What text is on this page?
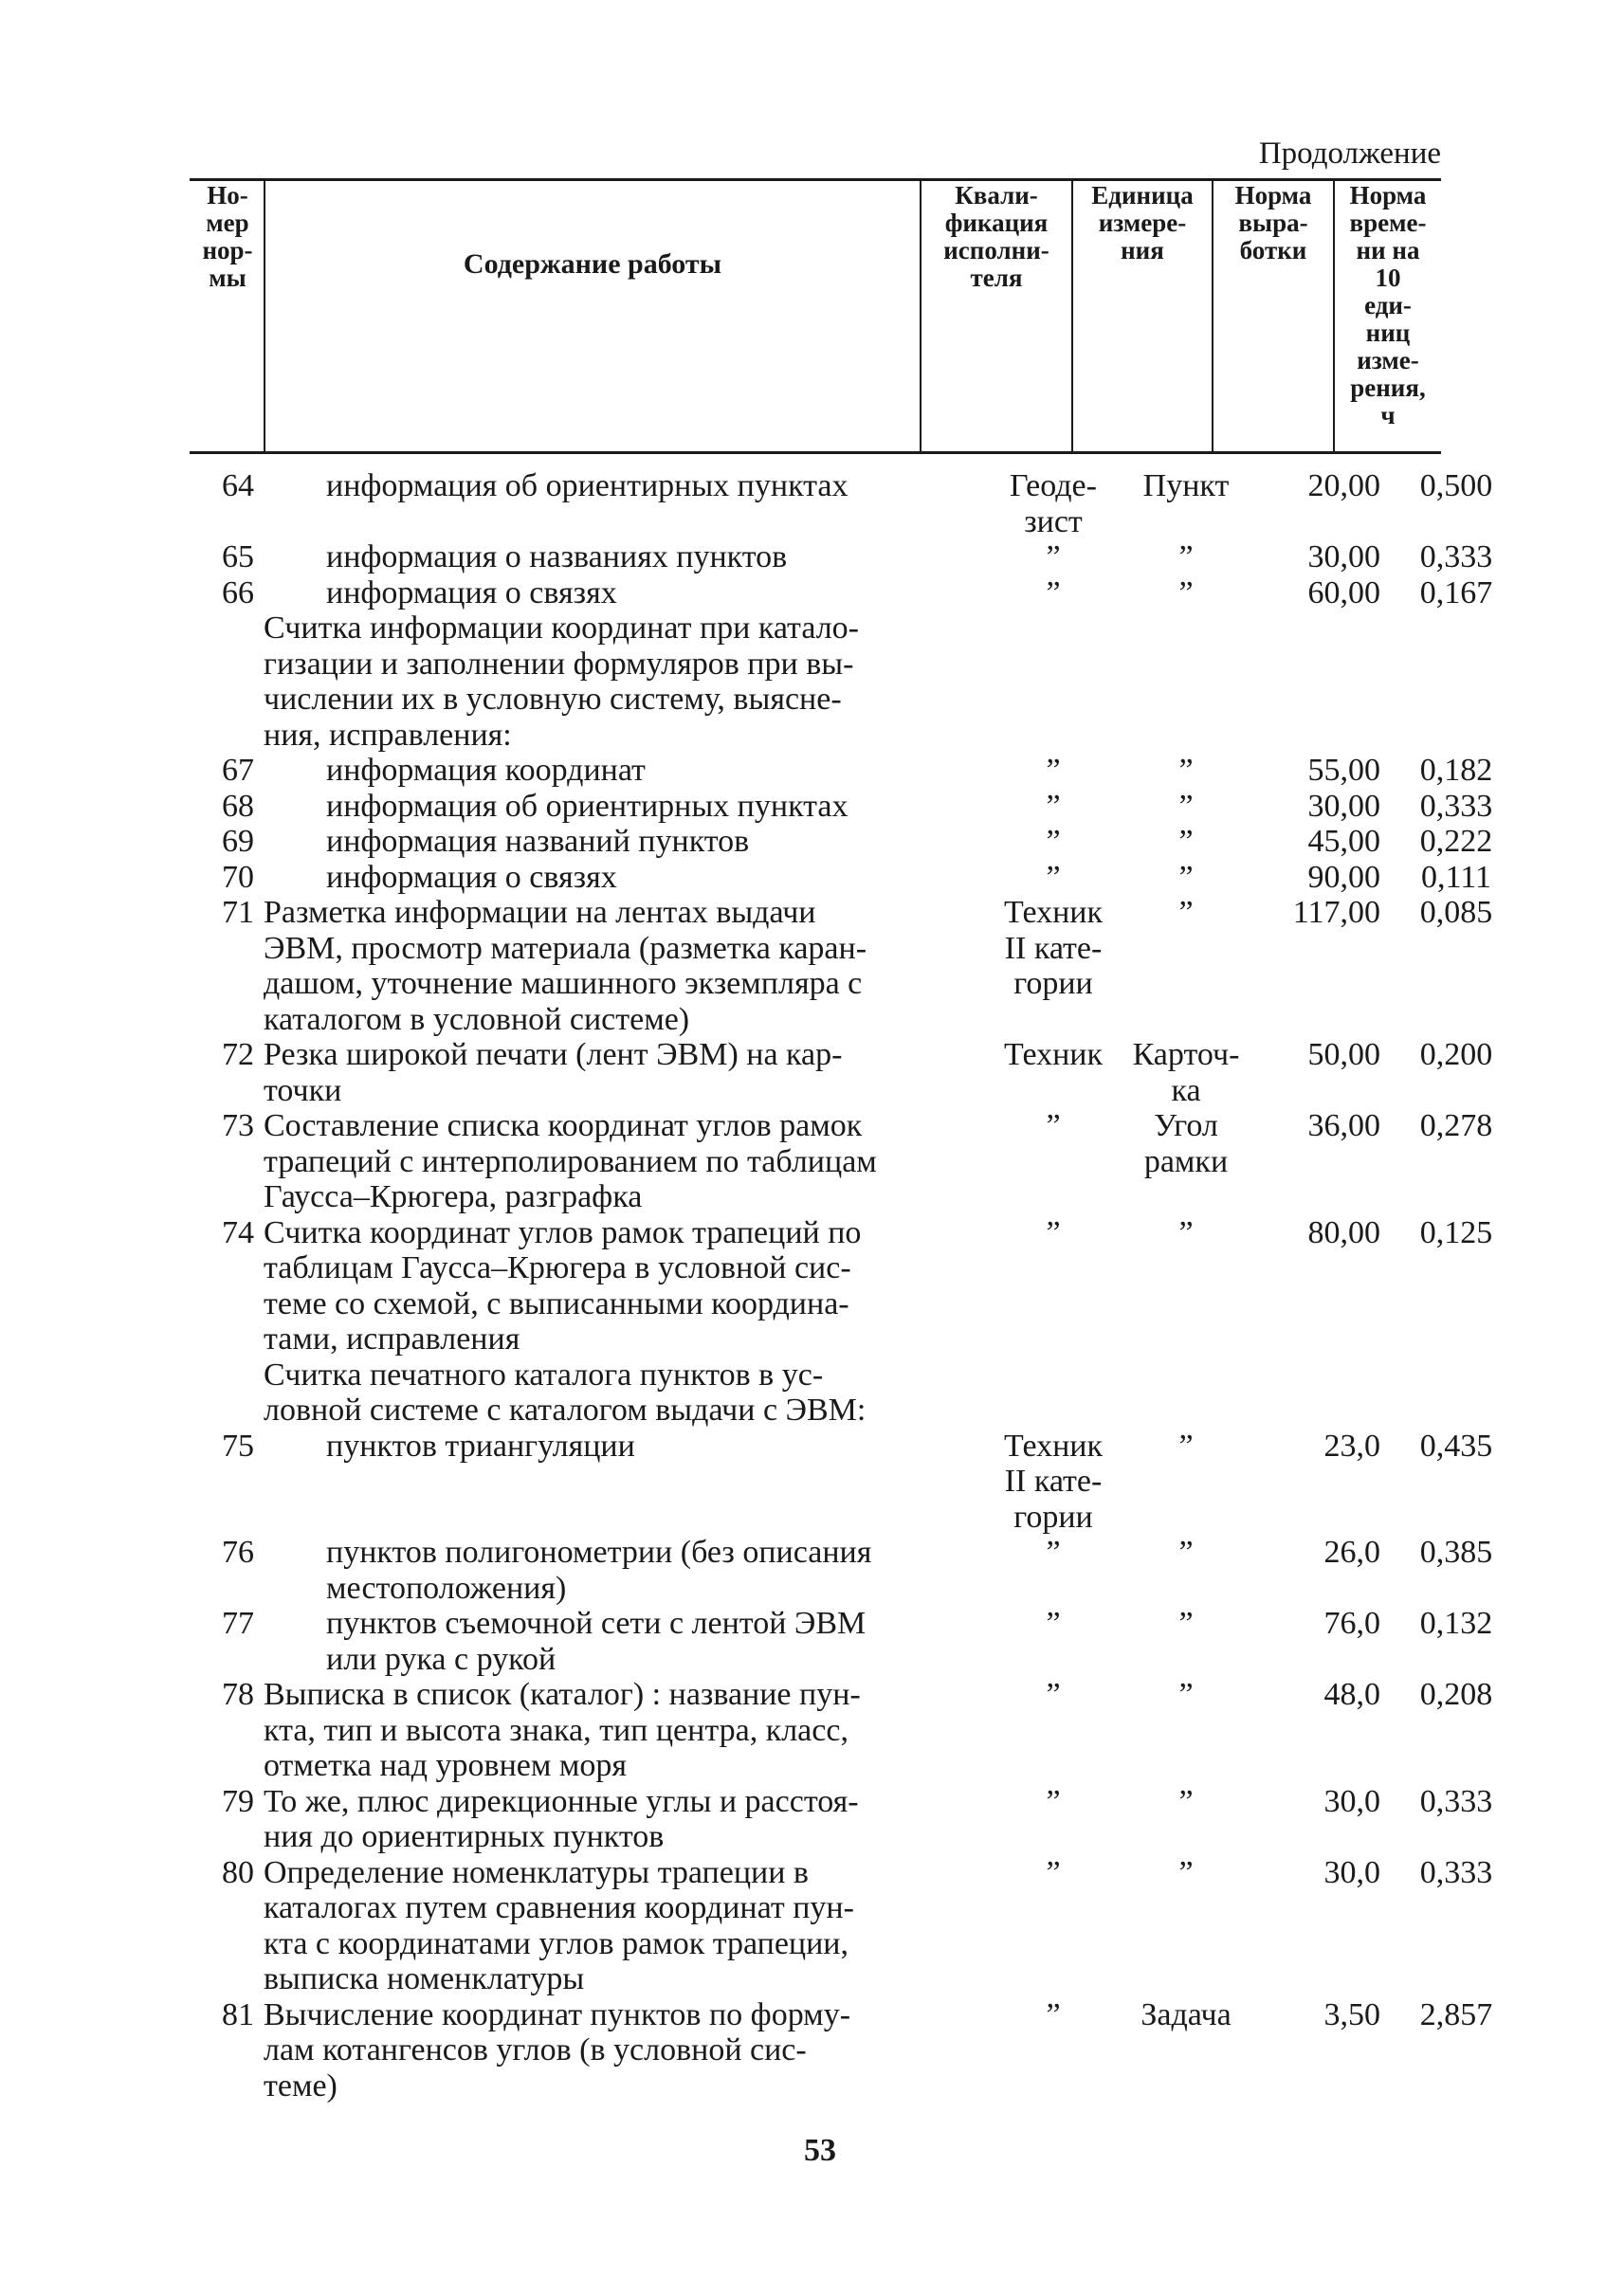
Продолжение
Но-
мер
нор-
мы	Содержание работы
Квали-
фикация
исполни-
теля
Единица
измере-
ния
Норма
выра-
ботки
Норма
време-
ни на
10
еди-
ниц
изме-
рения,
ч
64	информация об ориентирных пунктах	Геоде-
зист	Пункт	20,00	0,500
65	информация о названиях пунктов	”	”	30,00	0,333
66	информация о связях	”	”	60,00	0,167
	Считка информации координат при катало-
гизации и заполнении формуляров при вы-
числении их в условную систему, выясне-
ния, исправления:				
67	информация координат	”	”	55,00	0,182
68	информация об ориентирных пунктах	”	”	30,00	0,333
69	информация названий пунктов	”	”	45,00	0,222
70	информация о связях	”	”	90,00	0,111
71	Разметка информации на лентах выдачи
ЭВМ, просмотр материала (разметка каран-
дашом, уточнение машинного экземпляра с
каталогом в условной системе)	Техник
II кате-
гории	”	117,00	0,085
72	Резка широкой печати (лент ЭВМ) на кар-
точки	Техник	Карточ-
ка	50,00	0,200
73	Составление списка координат углов рамок
трапеций с интерполированием по таблицам
Гаусса–Крюгера, разграфка	”	Угол
рамки	36,00	0,278
74	Считка координат углов рамок трапеций по
таблицам Гаусса–Крюгера в условной сис-
теме со схемой, с выписанными координа-
тами, исправления	”	”	80,00	0,125
	Считка печатного каталога пунктов в ус-
ловной системе с каталогом выдачи с ЭВМ:				
75	пунктов триангуляции	Техник
II кате-
гории	”	23,0	0,435
76	пунктов полигонометрии (без описания
местоположения)	”	”	26,0	0,385
77	пунктов съемочной сети с лентой ЭВМ
или рука с рукой	”	”	76,0	0,132
78	Выписка в список (каталог) : название пун-
кта, тип и высота знака, тип центра, класс,
отметка над уровнем моря	”	”	48,0	0,208
79	То же, плюс дирекционные углы и расстоя-
ния до ориентирных пунктов	”	”	30,0	0,333
80	Определение номенклатуры трапеции в
каталогах путем сравнения координат пун-
кта с координатами углов рамок трапеции,
выписка номенклатуры	”	”	30,0	0,333
81	Вычисление координат пунктов по форму-
лам котангенсов углов (в условной сис-
теме)	”	Задача	3,50	2,857
53
